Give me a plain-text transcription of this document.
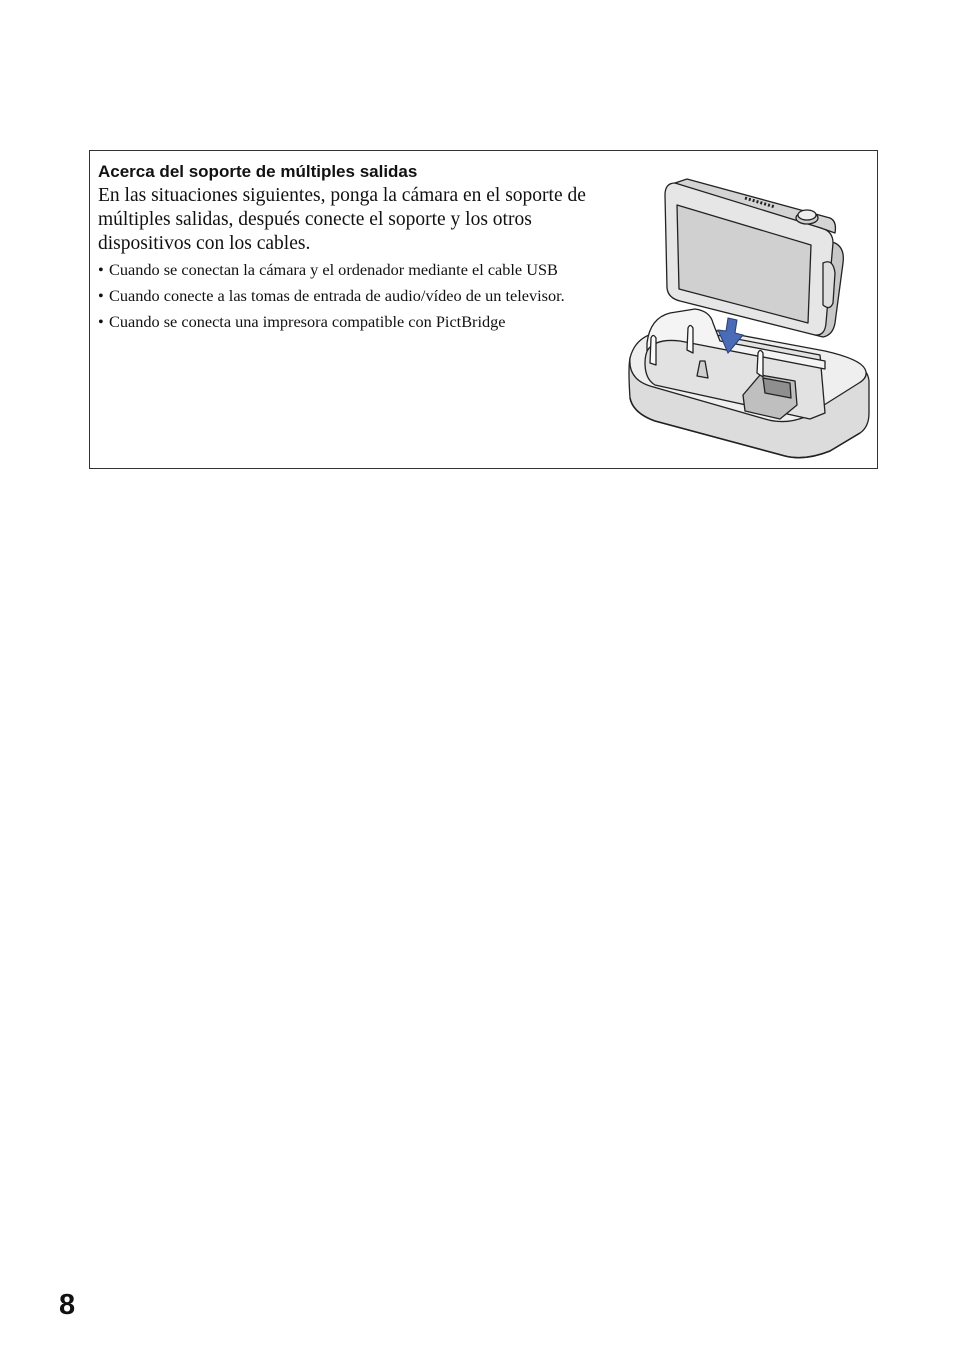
Acerca del soporte de múltiples salidas

En las situaciones siguientes, ponga la cámara en el soporte de múltiples salidas, después conecte el soporte y los otros dispositivos con los cables.

• Cuando se conectan la cámara y el ordenador mediante el cable USB
• Cuando conecte a las tomas de entrada de audio/vídeo de un televisor.
• Cuando se conecta una impresora compatible con PictBridge
8
